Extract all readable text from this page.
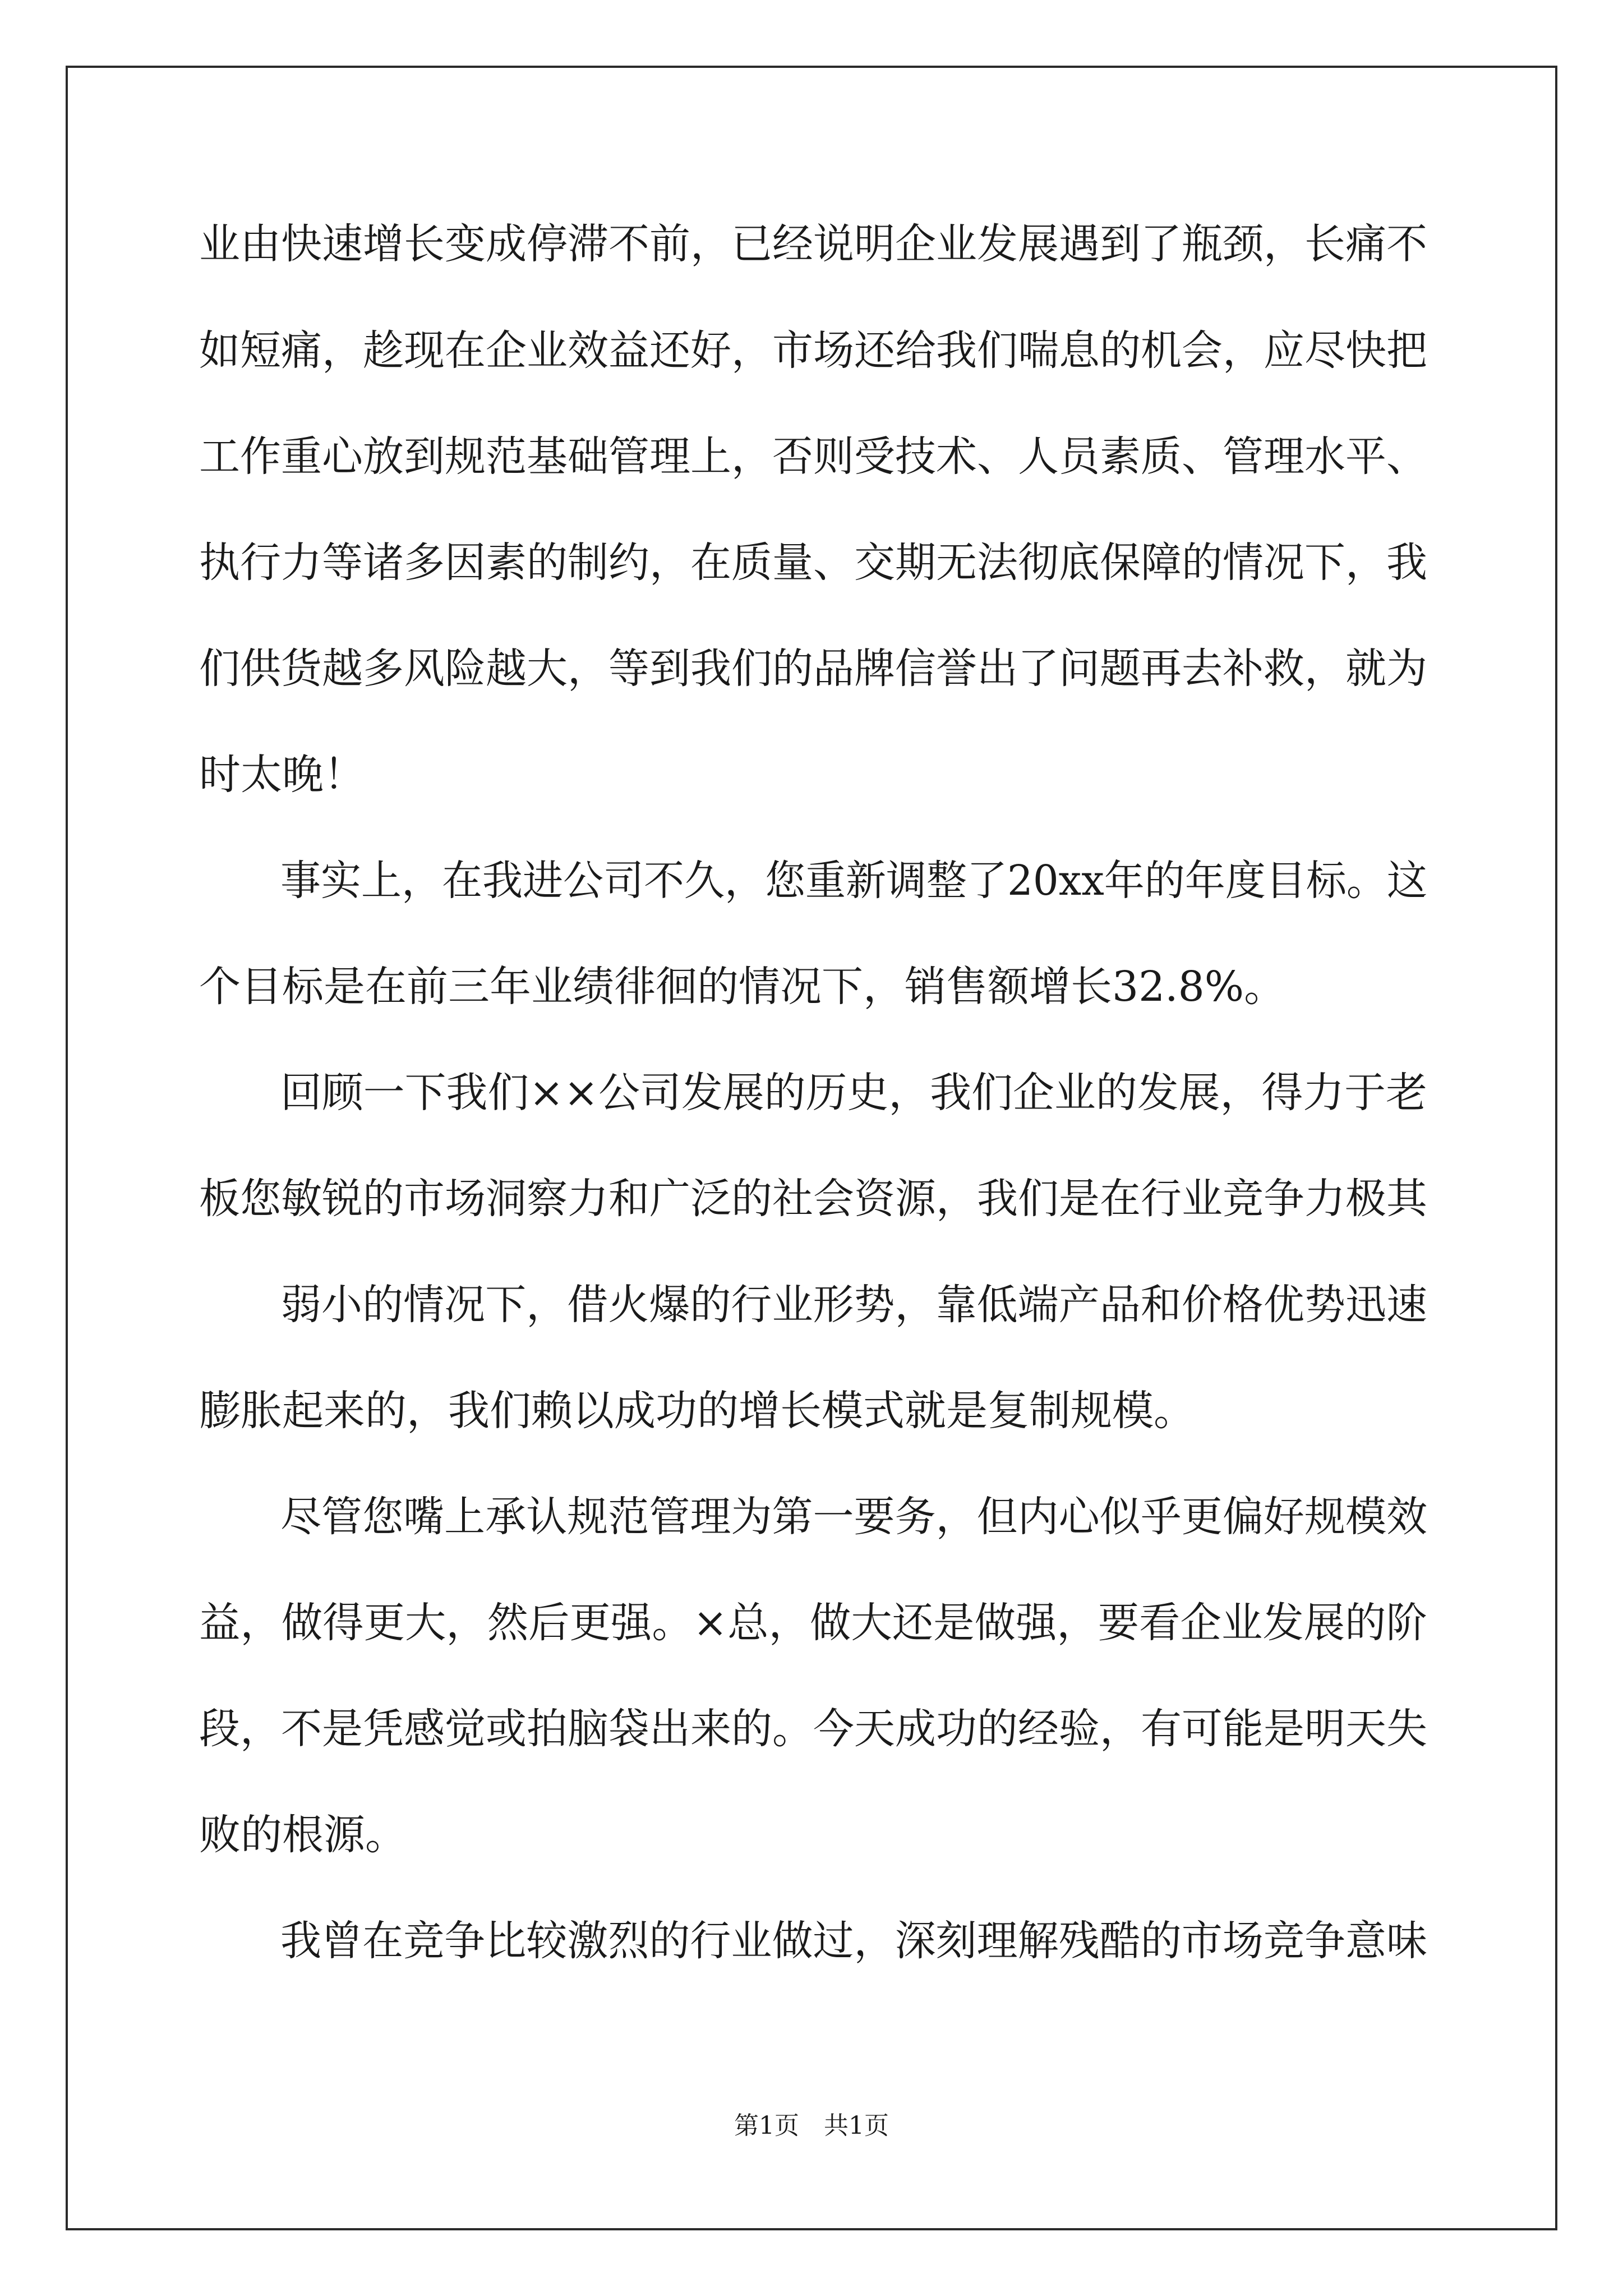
业由快速增长变成停滞不前，已经说明企业发展遇到了瓶颈，长痛不
如短痛，趁现在企业效益还好，市场还给我们喘息的机会，应尽快把
工作重心放到规范基础管理上，否则受技术、人员素质、管理水平、
执行力等诸多因素的制约，在质量、交期无法彻底保障的情况下，我
们供货越多风险越大，等到我们的品牌信誉出了问题再去补救，就为
时太晚！
事实上，在我进公司不久，您重新调整了20xx年的年度目标。这
个目标是在前三年业绩徘徊的情况下，销售额增长32.8%。
回顾一下我们××公司发展的历史，我们企业的发展，得力于老
板您敏锐的市场洞察力和广泛的社会资源，我们是在行业竞争力极其
弱小的情况下，借火爆的行业形势，靠低端产品和价格优势迅速
膨胀起来的，我们赖以成功的增长模式就是复制规模。
尽管您嘴上承认规范管理为第一要务，但内心似乎更偏好规模效
益，做得更大，然后更强。×总，做大还是做强，要看企业发展的阶
段，不是凭感觉或拍脑袋出来的。今天成功的经验，有可能是明天失
败的根源。
我曾在竞争比较激烈的行业做过，深刻理解残酷的市场竞争意味
第1页　共1页
